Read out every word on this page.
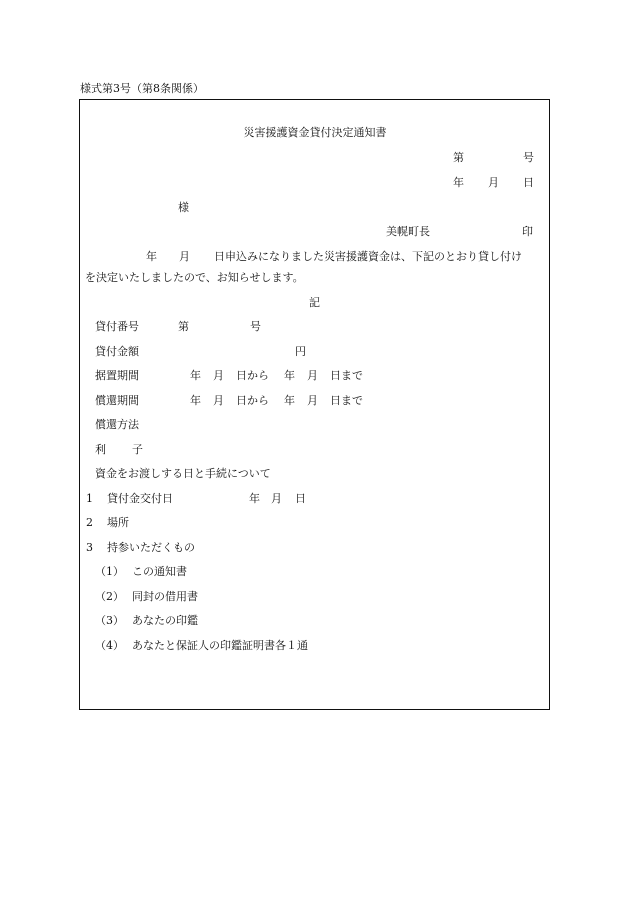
様式第3号（第8条関係）
災害援護資金貸付決定通知書
第	号
年 月 日
様
美幌町長	印
年 月 日申込みになりました災害援護資金は、下記のとおり貸し付け
を決定いたしましたので、お知らせします。
記
貸付番号	第	号
貸付金額	円
据置期間	年 月 日から 年 月 日まで
償還期間	年 月 日から 年 月 日まで
償還方法
利 子
資金をお渡しする日と手続について
1 貸付金交付日	年 月 日
2 場所
3 持参いただくもの
（1） この通知書
（2） 同封の借用書
（3） あなたの印鑑
（4） あなたと保証人の印鑑証明書各１通
